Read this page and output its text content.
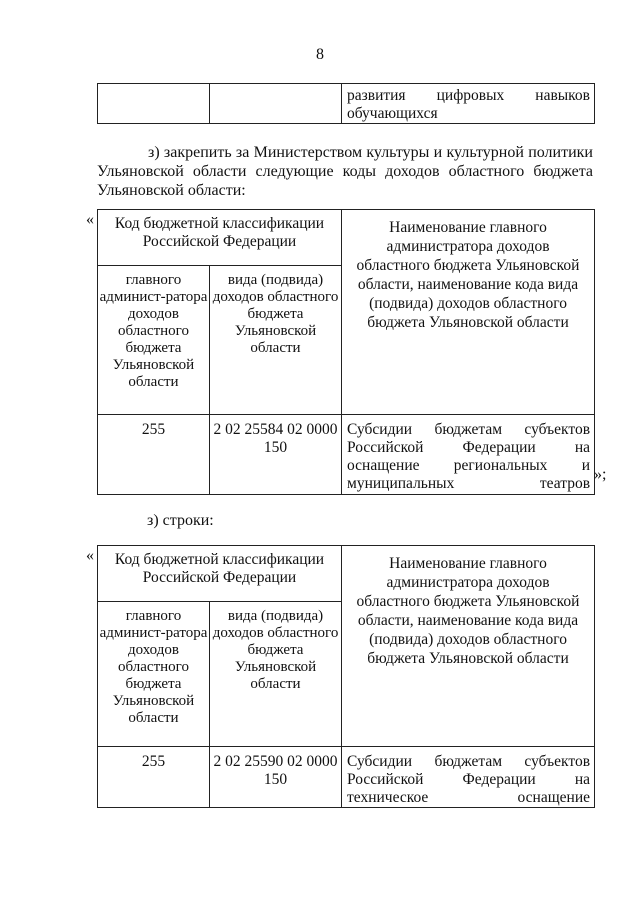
8
		развития цифровых навыков обучающихся
з) закрепить за Министерством культуры и культурной политики
Ульяновской области следующие коды доходов областного бюджета
Ульяновской области:
« Код бюджетной классификации Российской Федерации		Наименование главного администратора доходов областного бюджета Ульяновской области, наименование кода вида (подвида) доходов областного бюджета Ульяновской области
главного админист-ратора доходов областного бюджета Ульяновской области	вида (подвида) доходов областного бюджета Ульяновской области	
255	2 02 25584 02 0000 150	Субсидии бюджетам субъектов Российской Федерации на оснащение региональных и муниципальных театров
»;
з) строки:
« Код бюджетной классификации Российской Федерации		Наименование главного администратора доходов областного бюджета Ульяновской области, наименование кода вида (подвида) доходов областного бюджета Ульяновской области
главного админист-ратора доходов областного бюджета Ульяновской области	вида (подвида) доходов областного бюджета Ульяновской области	
255	2 02 25590 02 0000 150	Субсидии бюджетам субъектов Российской Федерации на техническое оснащение
